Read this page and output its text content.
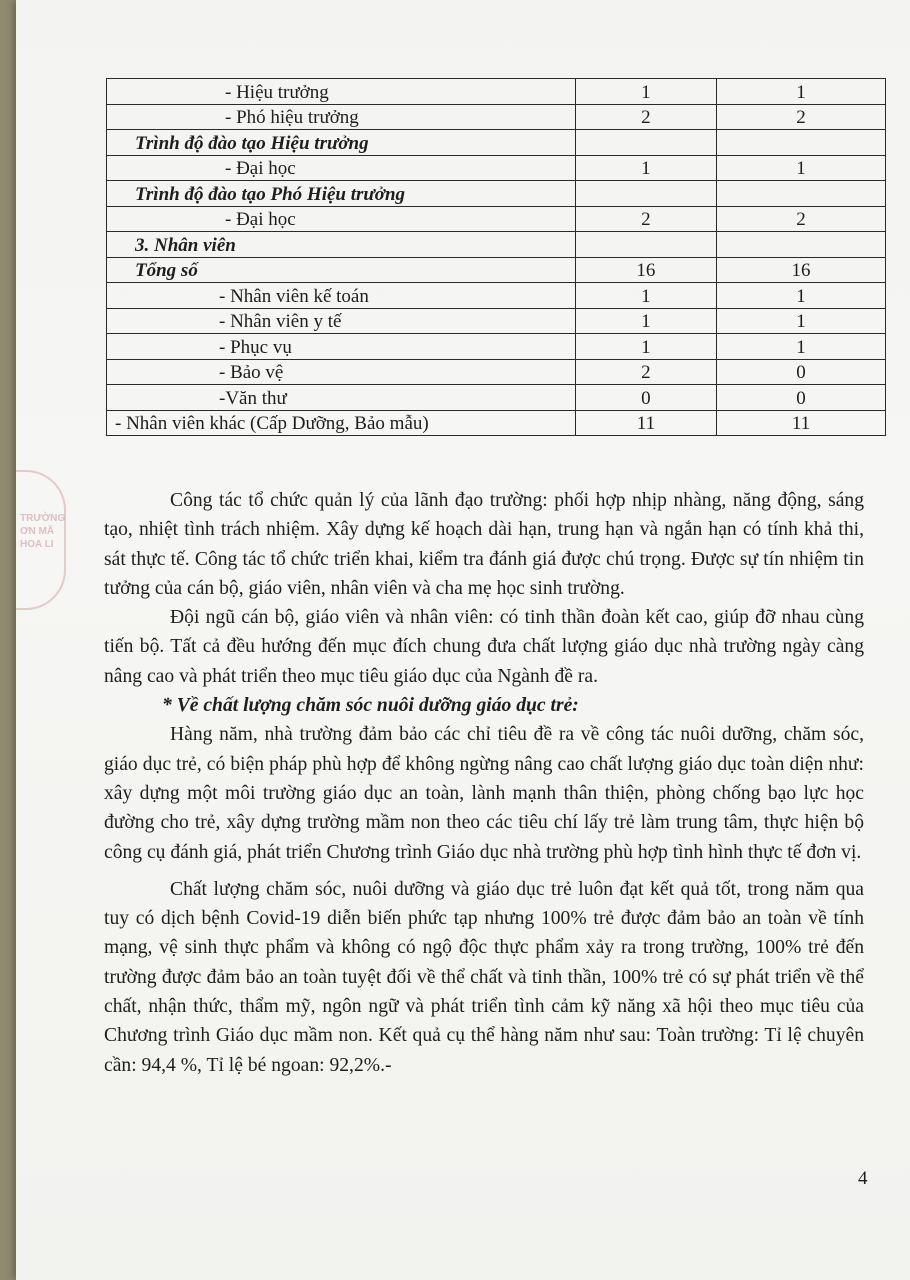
TRƯỜNG
ƠN MẦ
HOA LI
- Hiệu trưởng	1	1
- Phó hiệu trưởng	2	2
Trình độ đào tạo Hiệu trưởng		
- Đại học	1	1
Trình độ đào tạo Phó Hiệu trưởng		
- Đại học	2	2
3. Nhân viên		
Tổng số	16	16
- Nhân viên kế toán	1	1
- Nhân viên y tế	1	1
- Phục vụ	1	1
- Bảo vệ	2	0
-Văn thư	0	0
- Nhân viên khác (Cấp Dưỡng, Bảo mẫu)	11	11

Công tác tổ chức quản lý của lãnh đạo trường: phối hợp nhịp nhàng, năng động, sáng tạo, nhiệt tình trách nhiệm. Xây dựng kế hoạch dài hạn, trung hạn và ngắn hạn có tính khả thi, sát thực tế. Công tác tổ chức triển khai, kiểm tra đánh giá được chú trọng. Được sự tín nhiệm tin tưởng của cán bộ, giáo viên, nhân viên và cha mẹ học sinh trường.

Đội ngũ cán bộ, giáo viên và nhân viên: có tinh thần đoàn kết cao, giúp đỡ nhau cùng tiến bộ. Tất cả đều hướng đến mục đích chung đưa chất lượng giáo dục nhà trường ngày càng nâng cao và phát triển theo mục tiêu giáo dục của Ngành đề ra.

* Về chất lượng chăm sóc nuôi dưỡng giáo dục trẻ:

Hàng năm, nhà trường đảm bảo các chỉ tiêu đề ra về công tác nuôi dưỡng, chăm sóc, giáo dục trẻ, có biện pháp phù hợp để không ngừng nâng cao chất lượng giáo dục toàn diện như: xây dựng một môi trường giáo dục an toàn, lành mạnh thân thiện, phòng chống bạo lực học đường cho trẻ, xây dựng trường mầm non theo các tiêu chí lấy trẻ làm trung tâm, thực hiện bộ công cụ đánh giá, phát triển Chương trình Giáo dục nhà trường phù hợp tình hình thực tế đơn vị.

Chất lượng chăm sóc, nuôi dưỡng và giáo dục trẻ luôn đạt kết quả tốt, trong năm qua tuy có dịch bệnh Covid-19 diễn biến phức tạp nhưng 100% trẻ được đảm bảo an toàn về tính mạng, vệ sinh thực phẩm và không có ngộ độc thực phẩm xảy ra trong trường, 100% trẻ đến trường được đảm bảo an toàn tuyệt đối về thể chất và tinh thần, 100% trẻ có sự phát triển về thể chất, nhận thức, thẩm mỹ, ngôn ngữ và phát triển tình cảm kỹ năng xã hội theo mục tiêu của Chương trình Giáo dục mầm non. Kết quả cụ thể hàng năm như sau: Toàn trường: Tỉ lệ chuyên cần: 94,4 %, Tỉ lệ bé ngoan: 92,2%.-

4
